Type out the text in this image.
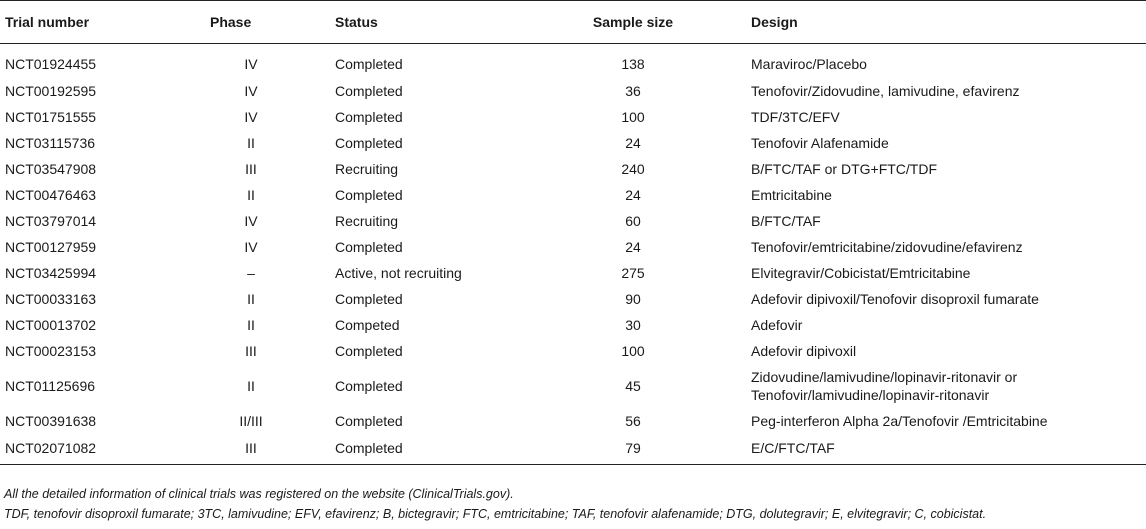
Trial number	Phase	Status	Sample size	Design
NCT01924455	IV	Completed	138	Maraviroc/Placebo

NCT00192595	IV	Completed	36	Tenofovir/Zidovudine, lamivudine, efavirenz

NCT01751555	IV	Completed	100	TDF/3TC/EFV

NCT03115736	II	Completed	24	Tenofovir Alafenamide

NCT03547908	III	Recruiting	240	B/FTC/TAF or DTG+FTC/TDF

NCT00476463	II	Completed	24	Emtricitabine

NCT03797014	IV	Recruiting	60	B/FTC/TAF

NCT00127959	IV	Completed	24	Tenofovir/emtricitabine/zidovudine/efavirenz

NCT03425994	–	Active, not recruiting	275	Elvitegravir/Cobicistat/Emtricitabine

NCT00033163	II	Completed	90	Adefovir dipivoxil/Tenofovir disoproxil fumarate

NCT00013702	II	Competed	30	Adefovir

NCT00023153	III	Completed	100	Adefovir dipivoxil

NCT01125696	II	Completed	45	Zidovudine/lamivudine/lopinavir-ritonavir or
Tenofovir/lamivudine/lopinavir-ritonavir

NCT00391638	II/III	Completed	56	Peg-interferon Alpha 2a/Tenofovir /Emtricitabine

NCT02071082	III	Completed	79	E/C/FTC/TAF
All the detailed information of clinical trials was registered on the website (ClinicalTrials.gov).
TDF, tenofovir disoproxil fumarate; 3TC, lamivudine; EFV, efavirenz; B, bictegravir; FTC, emtricitabine; TAF, tenofovir alafenamide; DTG, dolutegravir; E, elvitegravir; C, cobicistat.
